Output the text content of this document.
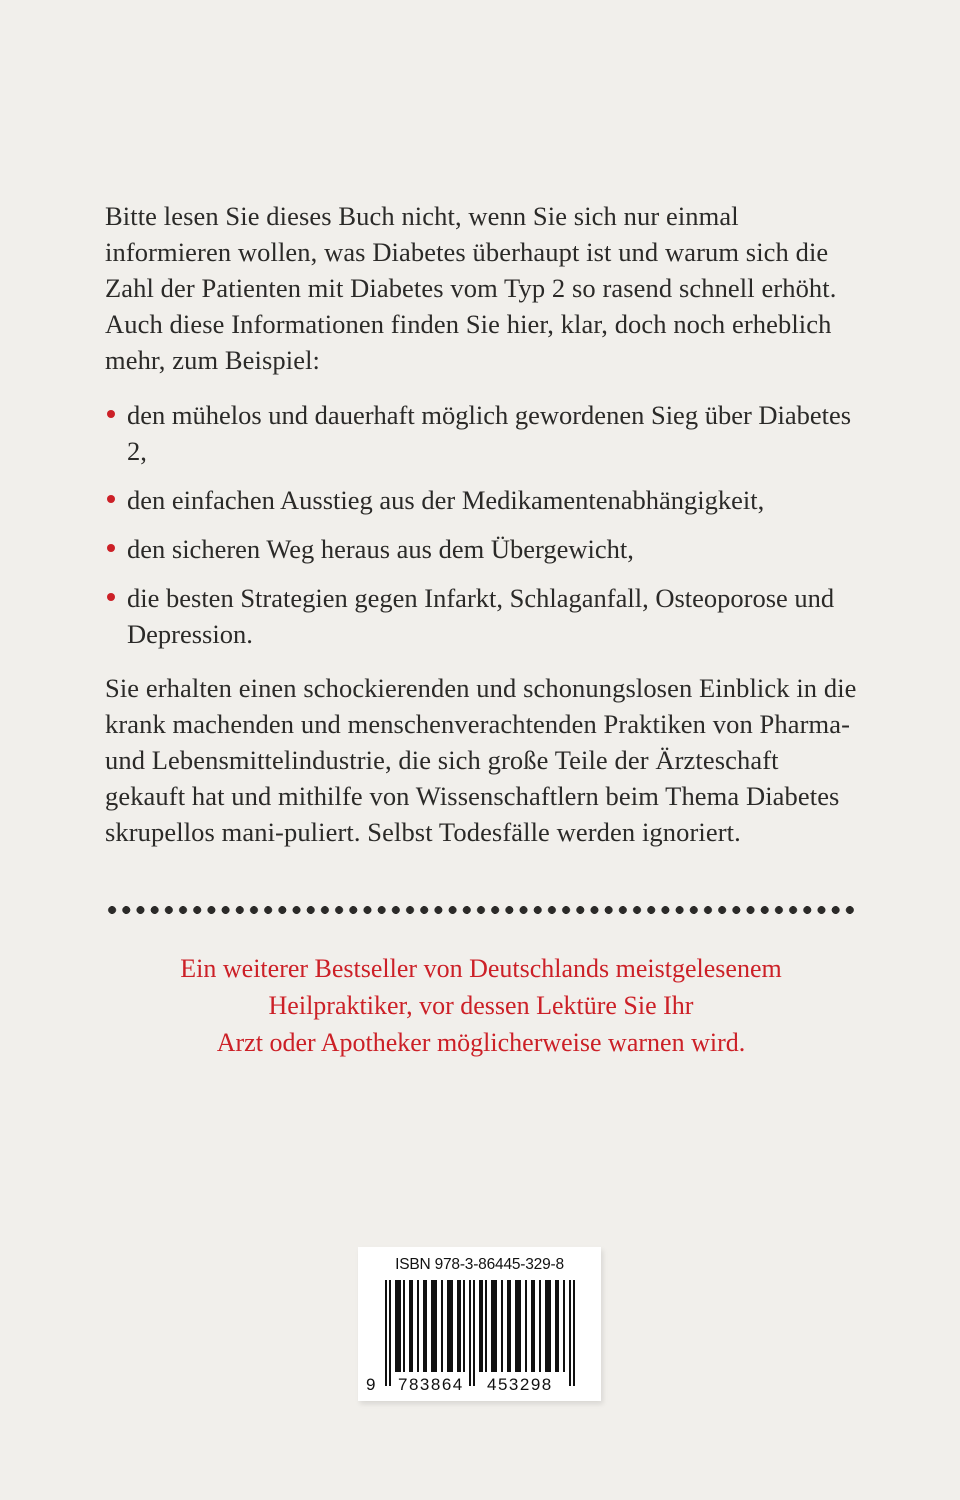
Bitte lesen Sie dieses Buch nicht, wenn Sie sich nur einmal informieren wollen, was Diabetes überhaupt ist und warum sich die Zahl der Patienten mit Diabetes vom Typ 2 so rasend schnell erhöht. Auch diese Informationen finden Sie hier, klar, doch noch erheblich mehr, zum Beispiel:

den mühelos und dauerhaft möglich gewordenen Sieg über Diabetes 2,
den einfachen Ausstieg aus der Medikamentenabhängigkeit,
den sicheren Weg heraus aus dem Übergewicht,
die besten Strategien gegen Infarkt, Schlaganfall, Osteoporose und Depression.

Sie erhalten einen schockierenden und schonungslosen Einblick in die krank machenden und menschenverachtenden Praktiken von Pharma- und Lebensmittelindustrie, die sich große Teile der Ärzteschaft gekauft hat und mithilfe von Wissenschaftlern beim Thema Diabetes skrupellos mani-puliert. Selbst Todesfälle werden ignoriert.

Ein weiterer Bestseller von Deutschlands meistgelesenem
Heilpraktiker, vor dessen Lektüre Sie Ihr
Arzt oder Apotheker möglicherweise warnen wird.
ISBN 978-3-86445-329-8
9 783864 453298
